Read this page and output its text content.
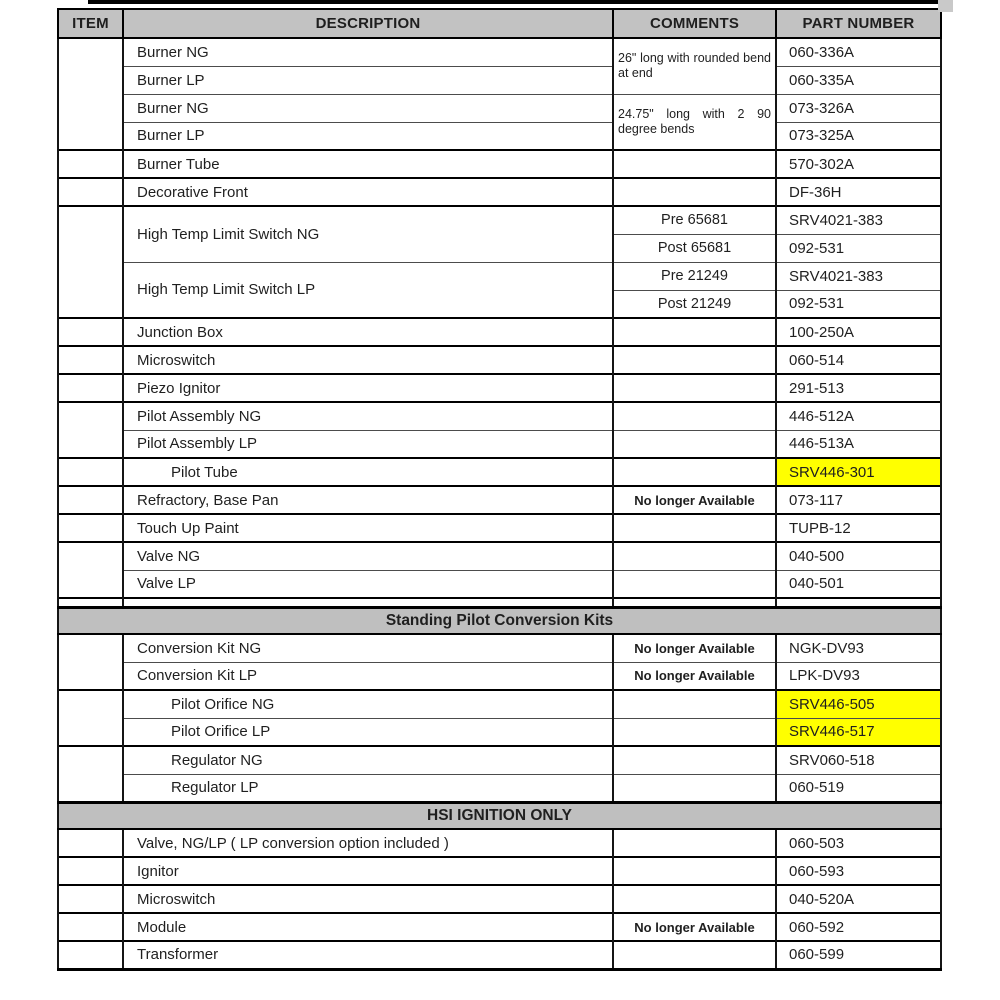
ITEM	DESCRIPTION	COMMENTS	PART NUMBER
	Burner NG	26" long with rounded bend at end	060-336A
	Burner LP		060-335A
	Burner NG	24.75" long with 2 90 degree bends	073-326A
	Burner LP		073-325A
	Burner Tube		570-302A
	Decorative Front		DF-36H
	High Temp Limit Switch NG	Pre 65681	SRV4021-383
		Post 65681	092-531
	High Temp Limit Switch LP	Pre 21249	SRV4021-383
		Post 21249	092-531
	Junction Box		100-250A
	Microswitch		060-514
	Piezo Ignitor		291-513
	Pilot Assembly NG		446-512A
	Pilot Assembly LP		446-513A
	Pilot Tube		SRV446-301
	Refractory, Base Pan	No longer Available	073-117
	Touch Up Paint		TUPB-12
	Valve NG		040-500
	Valve LP		040-501

Standing Pilot Conversion Kits			
	Conversion Kit NG	No longer Available	NGK-DV93
	Conversion Kit LP	No longer Available	LPK-DV93
	Pilot Orifice NG		SRV446-505
	Pilot Orifice LP		SRV446-517
	Regulator NG		SRV060-518
	Regulator LP		060-519
HSI IGNITION ONLY			
	Valve, NG/LP ( LP conversion option included )		060-503
	Ignitor		060-593
	Microswitch		040-520A
	Module	No longer Available	060-592
	Transformer		060-599
